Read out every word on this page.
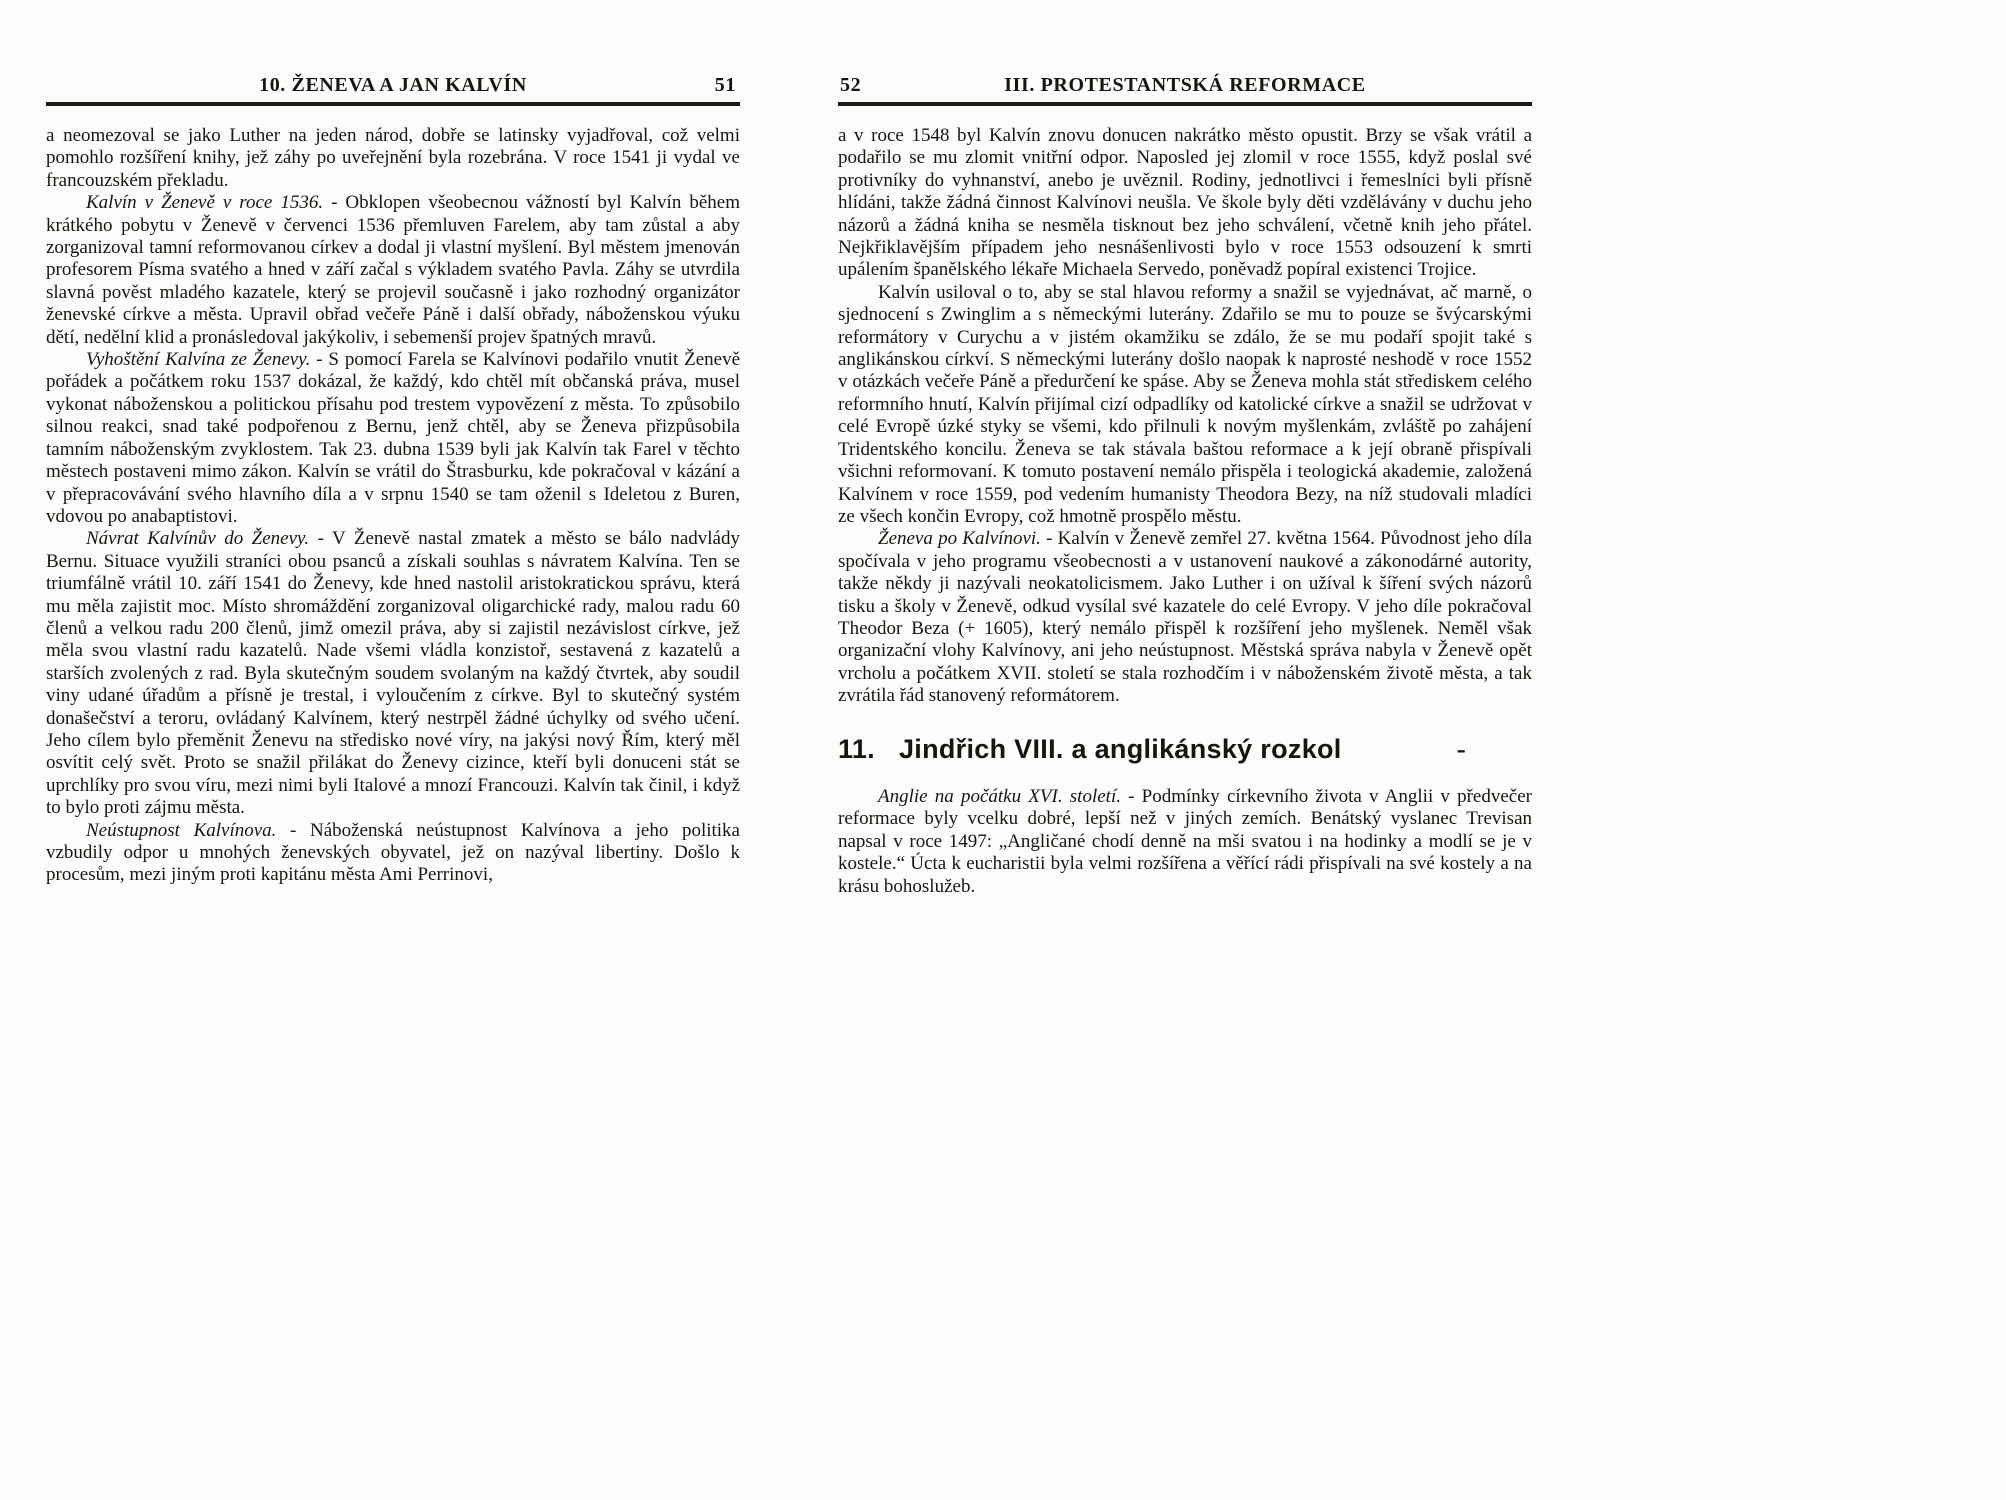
10. ŽENEVA A JAN KALVÍN	51

a neomezoval se jako Luther na jeden národ, dobře se latinsky vyjadřoval, což velmi pomohlo rozšíření knihy, jež záhy po uveřejnění byla rozebrána. V roce 1541 ji vydal ve francouzském překladu.

Kalvín v Ženevě v roce 1536. - Obklopen všeobecnou vážností byl Kalvín během krátkého pobytu v Ženevě v červenci 1536 přemluven Farelem, aby tam zůstal a aby zorganizoval tamní reformovanou církev a dodal ji vlastní myšlení. Byl městem jmenován profesorem Písma svatého a hned v září začal s výkladem svatého Pavla. Záhy se utvrdila slavná pověst mladého kazatele, který se projevil současně i jako rozhodný organizátor ženevské církve a města. Upravil obřad večeře Páně i další obřady, náboženskou výuku dětí, nedělní klid a pronásledoval jakýkoliv, i sebemenší projev špatných mravů.

Vyhoštění Kalvína ze Ženevy. - S pomocí Farela se Kalvínovi podařilo vnutit Ženevě pořádek a počátkem roku 1537 dokázal, že každý, kdo chtěl mít občanská práva, musel vykonat náboženskou a politickou přísahu pod trestem vypovězení z města. To způsobilo silnou reakci, snad také podpořenou z Bernu, jenž chtěl, aby se Ženeva přizpůsobila tamním náboženským zvyklostem. Tak 23. dubna 1539 byli jak Kalvín tak Farel v těchto městech postaveni mimo zákon. Kalvín se vrátil do Štrasburku, kde pokračoval v kázání a v přepracovávání svého hlavního díla a v srpnu 1540 se tam oženil s Ideletou z Buren, vdovou po anabaptistovi.

Návrat Kalvínův do Ženevy. - V Ženevě nastal zmatek a město se bálo nadvlády Bernu. Situace využili straníci obou psanců a získali souhlas s návratem Kalvína. Ten se triumfálně vrátil 10. září 1541 do Ženevy, kde hned nastolil aristokratickou správu, která mu měla zajistit moc. Místo shromáždění zorganizoval oligarchické rady, malou radu 60 členů a velkou radu 200 členů, jimž omezil práva, aby si zajistil nezávislost církve, jež měla svou vlastní radu kazatelů. Nade všemi vládla konzistoř, sestavená z kazatelů a starších zvolených z rad. Byla skutečným soudem svolaným na každý čtvrtek, aby soudil viny udané úřadům a přísně je trestal, i vyloučením z církve. Byl to skutečný systém donašečství a teroru, ovládaný Kalvínem, který nestrpěl žádné úchylky od svého učení. Jeho cílem bylo přeměnit Ženevu na středisko nové víry, na jakýsi nový Řím, který měl osvítit celý svět. Proto se snažil přilákat do Ženevy cizince, kteří byli donuceni stát se uprchlíky pro svou víru, mezi nimi byli Italové a mnozí Francouzi. Kalvín tak činil, i když to bylo proti zájmu města.

Neústupnost Kalvínova. - Náboženská neústupnost Kalvínova a jeho politika vzbudily odpor u mnohých ženevských obyvatel, jež on nazýval libertiny. Došlo k procesům, mezi jiným proti kapitánu města Ami Perrinovi,

52	III. PROTESTANTSKÁ REFORMACE

a v roce 1548 byl Kalvín znovu donucen nakrátko město opustit. Brzy se však vrátil a podařilo se mu zlomit vnitřní odpor. Naposled jej zlomil v roce 1555, když poslal své protivníky do vyhnanství, anebo je uvěznil. Rodiny, jednotlivci i řemeslníci byli přísně hlídáni, takže žádná činnost Kalvínovi neušla. Ve škole byly děti vzdělávány v duchu jeho názorů a žádná kniha se nesměla tisknout bez jeho schválení, včetně knih jeho přátel. Nejkřiklavějším případem jeho nesnášenlivosti bylo v roce 1553 odsouzení k smrti upálením španělského lékaře Michaela Servedo, poněvadž popíral existenci Trojice.

Kalvín usiloval o to, aby se stal hlavou reformy a snažil se vyjednávat, ač marně, o sjednocení s Zwinglim a s německými luterány. Zdařilo se mu to pouze se švýcarskými reformátory v Curychu a v jistém okamžiku se zdálo, že se mu podaří spojit také s anglikánskou církví. S německými luterány došlo naopak k naprosté neshodě v roce 1552 v otázkách večeře Páně a předurčení ke spáse. Aby se Ženeva mohla stát střediskem celého reformního hnutí, Kalvín přijímal cizí odpadlíky od katolické církve a snažil se udržovat v celé Evropě úzké styky se všemi, kdo přilnuli k novým myšlenkám, zvláště po zahájení Tridentského koncilu. Ženeva se tak stávala baštou reformace a k její obraně přispívali všichni reformovaní. K tomuto postavení nemálo přispěla i teologická akademie, založená Kalvínem v roce 1559, pod vedením humanisty Theodora Bezy, na níž studovali mladíci ze všech končin Evropy, což hmotně prospělo městu.

Ženeva po Kalvínovi. - Kalvín v Ženevě zemřel 27. května 1564. Původnost jeho díla spočívala v jeho programu všeobecnosti a v ustanovení naukové a zákonodárné autority, takže někdy ji nazývali neokatolicismem. Jako Luther i on užíval k šíření svých názorů tisku a školy v Ženevě, odkud vysílal své kazatele do celé Evropy. V jeho díle pokračoval Theodor Beza (+ 1605), který nemálo přispěl k rozšíření jeho myšlenek. Neměl však organizační vlohy Kalvínovy, ani jeho neústupnost. Městská správa nabyla v Ženevě opět vrcholu a počátkem XVII. století se stala rozhodčím i v náboženském životě města, a tak zvrátila řád stanovený reformátorem.

11. Jindřich VIII. a anglikánský rozkol	-

Anglie na počátku XVI. století. - Podmínky církevního života v Anglii v předvečer reformace byly vcelku dobré, lepší než v jiných zemích. Benátský vyslanec Trevisan napsal v roce 1497: „Angličané chodí denně na mši svatou i na hodinky a modlí se je v kostele.“ Úcta k eucharistii byla velmi rozšířena a věřící rádi přispívali na své kostely a na krásu bohoslužeb.
